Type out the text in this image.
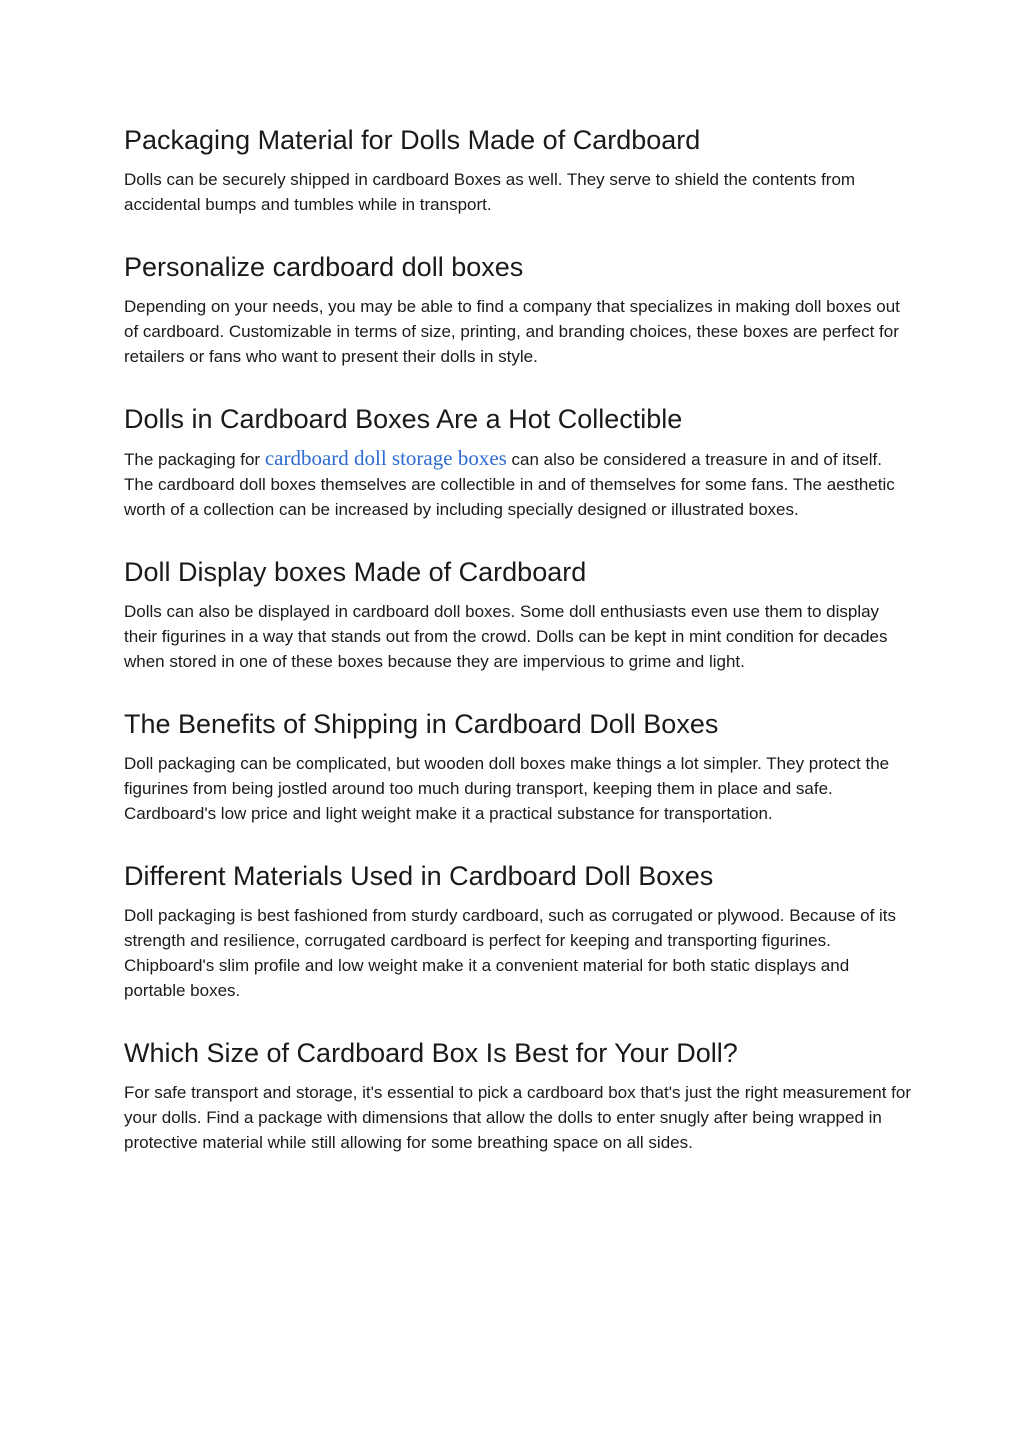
Packaging Material for Dolls Made of Cardboard

Dolls can be securely shipped in cardboard Boxes as well. They serve to shield the contents from accidental bumps and tumbles while in transport.

Personalize cardboard doll boxes

Depending on your needs, you may be able to find a company that specializes in making doll boxes out of cardboard. Customizable in terms of size, printing, and branding choices, these boxes are perfect for retailers or fans who want to present their dolls in style.

Dolls in Cardboard Boxes Are a Hot Collectible

The packaging for cardboard doll storage boxes can also be considered a treasure in and of itself. The cardboard doll boxes themselves are collectible in and of themselves for some fans. The aesthetic worth of a collection can be increased by including specially designed or illustrated boxes.

Doll Display boxes Made of Cardboard

Dolls can also be displayed in cardboard doll boxes. Some doll enthusiasts even use them to display their figurines in a way that stands out from the crowd. Dolls can be kept in mint condition for decades when stored in one of these boxes because they are impervious to grime and light.

The Benefits of Shipping in Cardboard Doll Boxes

Doll packaging can be complicated, but wooden doll boxes make things a lot simpler. They protect the figurines from being jostled around too much during transport, keeping them in place and safe. Cardboard's low price and light weight make it a practical substance for transportation.

Different Materials Used in Cardboard Doll Boxes

Doll packaging is best fashioned from sturdy cardboard, such as corrugated or plywood. Because of its strength and resilience, corrugated cardboard is perfect for keeping and transporting figurines. Chipboard's slim profile and low weight make it a convenient material for both static displays and portable boxes.

Which Size of Cardboard Box Is Best for Your Doll?

For safe transport and storage, it's essential to pick a cardboard box that's just the right measurement for your dolls. Find a package with dimensions that allow the dolls to enter snugly after being wrapped in protective material while still allowing for some breathing space on all sides.
